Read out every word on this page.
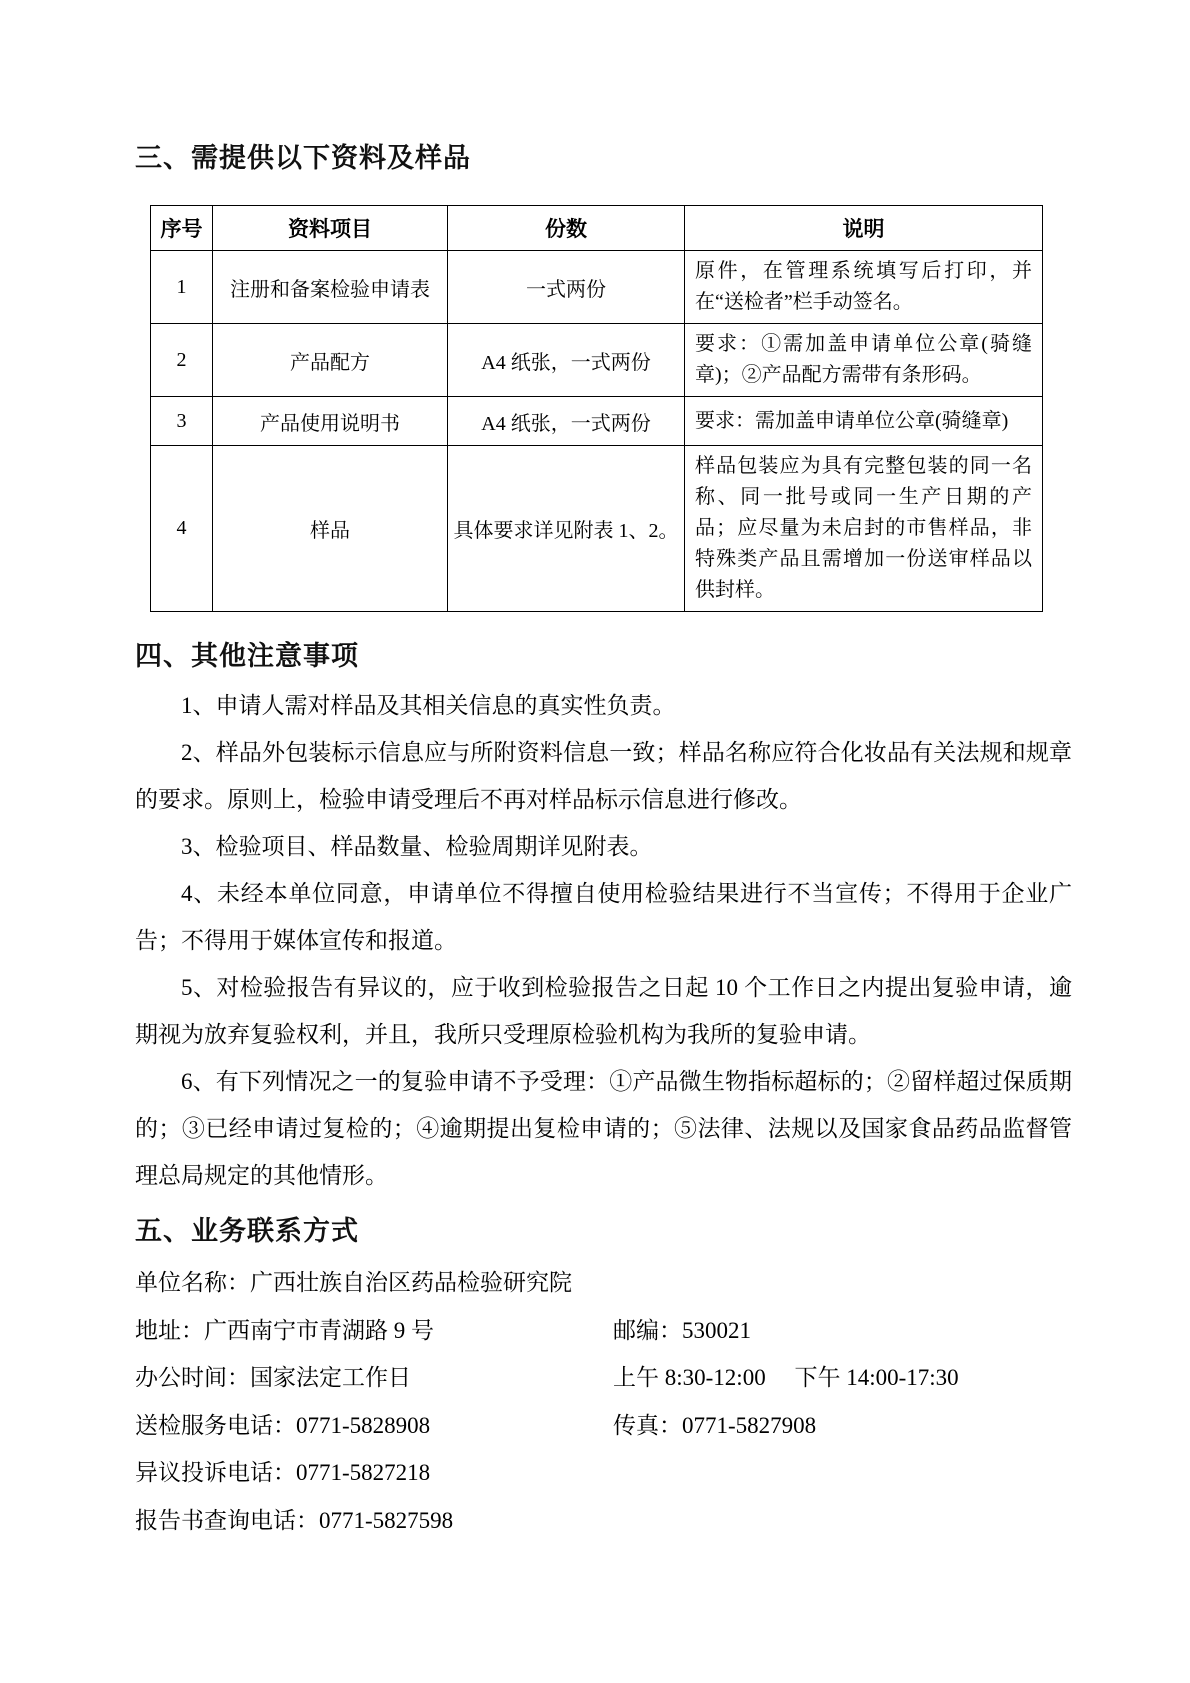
三、需提供以下资料及样品
序号	资料项目	份数	说明
1	注册和备案检验申请表	一式两份	原件，在管理系统填写后打印，并在“送检者”栏手动签名。
2	产品配方	A4 纸张，一式两份	要求：①需加盖申请单位公章(骑缝章)；②产品配方需带有条形码。
3	产品使用说明书	A4 纸张，一式两份	要求：需加盖申请单位公章(骑缝章)
4	样品	具体要求详见附表 1、2。	样品包装应为具有完整包装的同一名称、同一批号或同一生产日期的产品；应尽量为未启封的市售样品，非特殊类产品且需增加一份送审样品以供封样。
四、其他注意事项

1、申请人需对样品及其相关信息的真实性负责。

2、样品外包装标示信息应与所附资料信息一致；样品名称应符合化妆品有关法规和规章的要求。原则上，检验申请受理后不再对样品标示信息进行修改。

3、检验项目、样品数量、检验周期详见附表。

4、未经本单位同意，申请单位不得擅自使用检验结果进行不当宣传；不得用于企业广告；不得用于媒体宣传和报道。

5、对检验报告有异议的，应于收到检验报告之日起 10 个工作日之内提出复验申请，逾期视为放弃复验权利，并且，我所只受理原检验机构为我所的复验申请。

6、有下列情况之一的复验申请不予受理：①产品微生物指标超标的；②留样超过保质期的；③已经申请过复检的；④逾期提出复检申请的；⑤法律、法规以及国家食品药品监督管理总局规定的其他情形。

五、业务联系方式
单位名称：广西壮族自治区药品检验研究院
地址：广西南宁市青湖路 9 号	邮编：530021
办公时间：国家法定工作日	上午 8:30-12:00　 下午 14:00-17:30
送检服务电话：0771-5828908	传真：0771-5827908
异议投诉电话：0771-5827218
报告书查询电话：0771-5827598
